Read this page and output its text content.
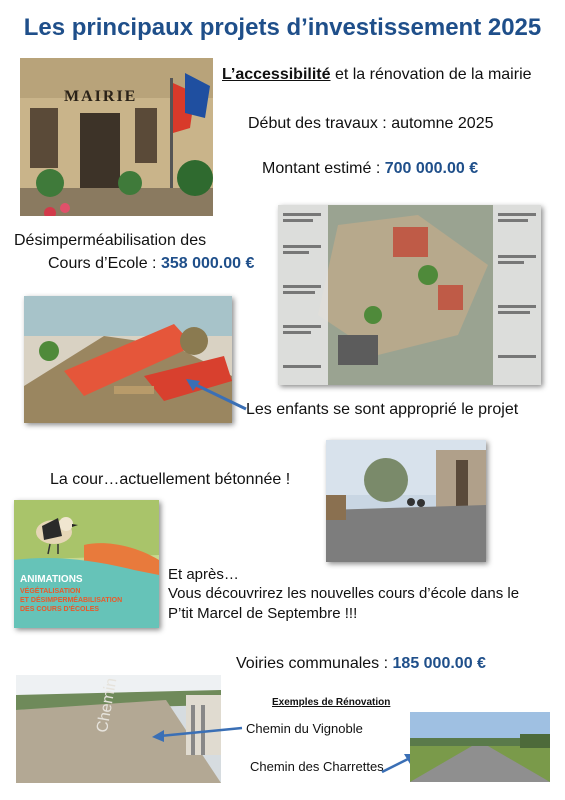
Les principaux projets d’investissement 2025
MAIRIE
L’accessibilité et la rénovation de la mairie
Début des travaux : automne 2025
Montant estimé : 700 000.00 €
Désimperméabilisation des
Cours d’Ecole : 358 000.00 €
Les enfants se sont approprié le projet
La cour…actuellement bétonnée !
ANIMATIONS
VÉGÉTALISATION
ET DÉSIMPERMÉABILISATION
DES COURS D'ÉCOLES
Et après…
Vous découvrirez les nouvelles cours d’école dans le
P’tit Marcel de Septembre !!!
Voiries communales : 185 000.00 €
Chemin	Exemples de Rénovation
Chemin du Vignoble
Chemin des Charrettes
